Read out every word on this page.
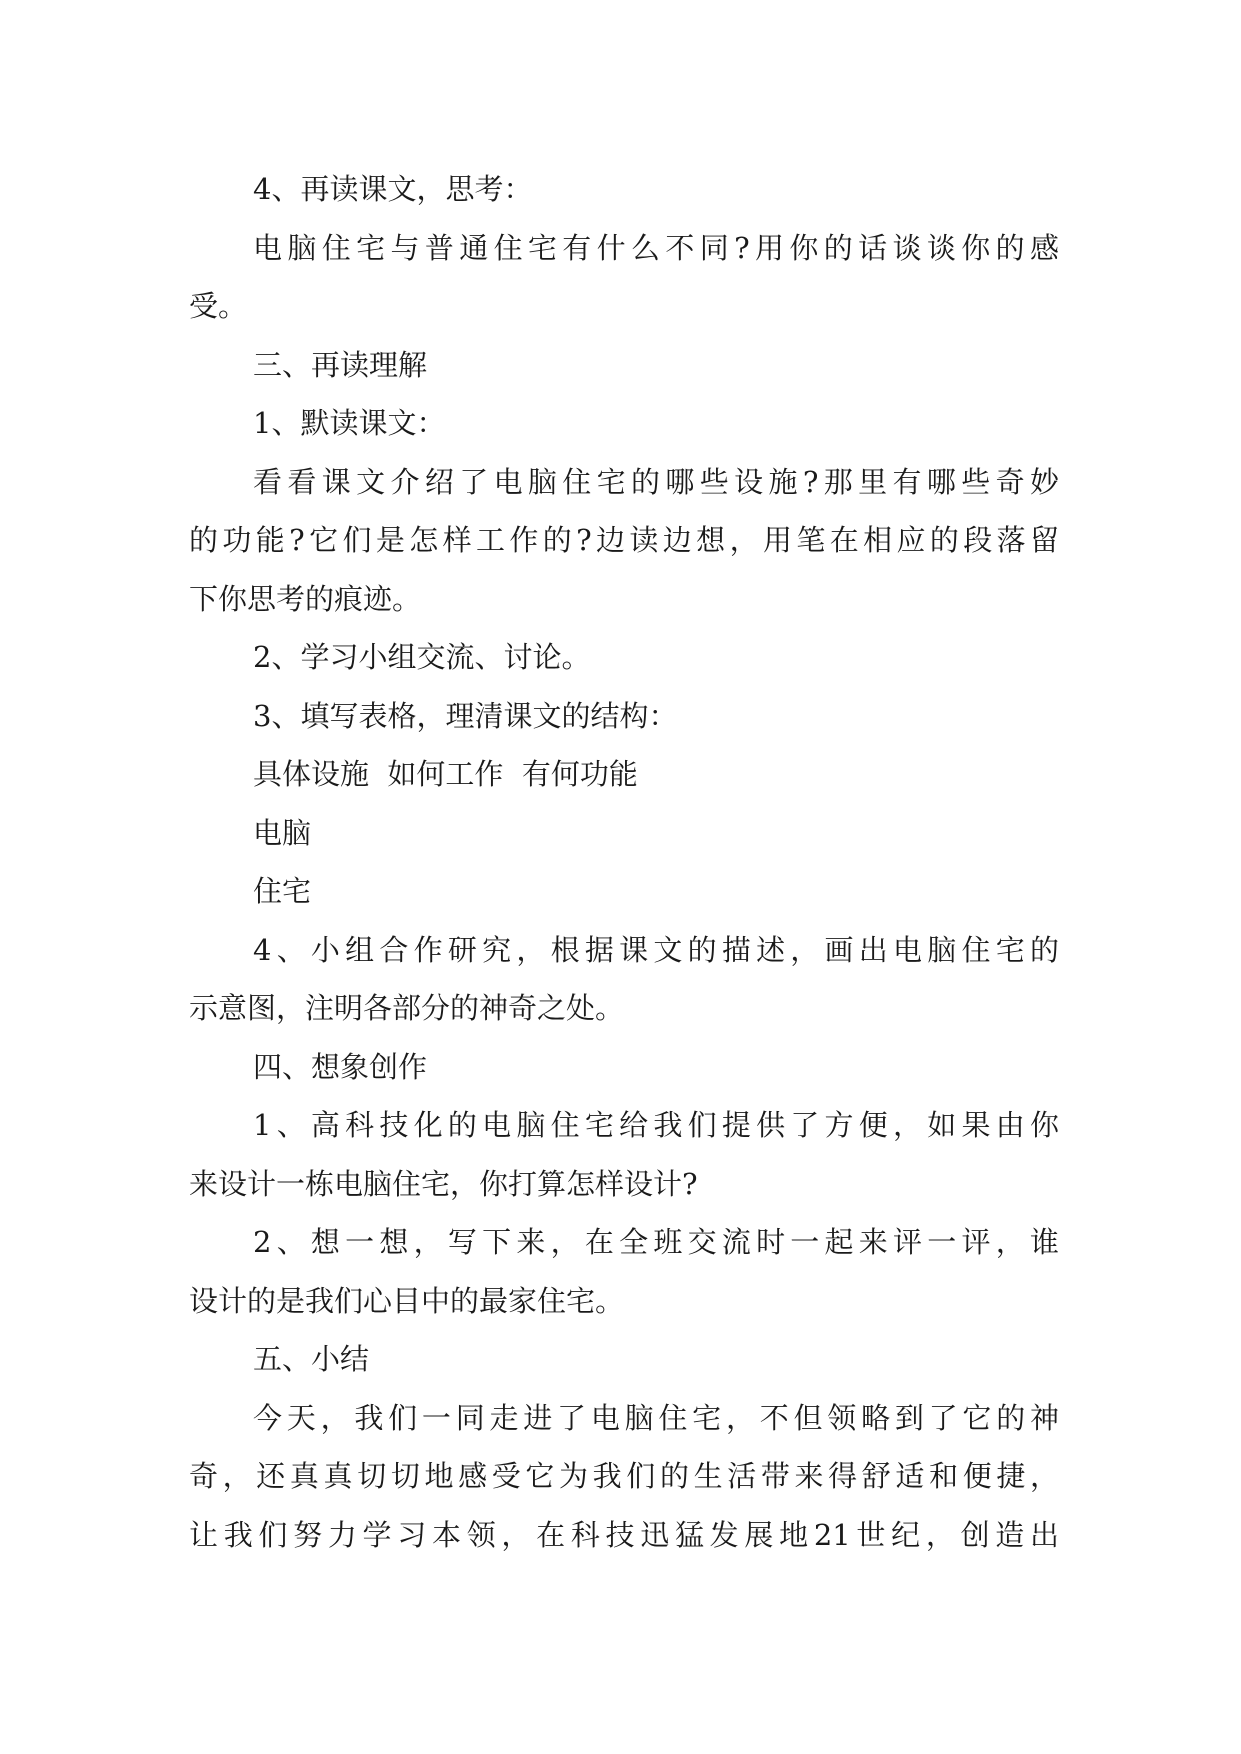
4、再读课文，思考：
电脑住宅与普通住宅有什么不同?用你的话谈谈你的感
受。
三、再读理解
1、默读课文：
看看课文介绍了电脑住宅的哪些设施?那里有哪些奇妙
的功能?它们是怎样工作的?边读边想，用笔在相应的段落留
下你思考的痕迹。
2、学习小组交流、讨论。
3、填写表格，理清课文的结构：
具体设施  如何工作  有何功能
电脑
住宅
4、小组合作研究，根据课文的描述，画出电脑住宅的
示意图，注明各部分的神奇之处。
四、想象创作
1、高科技化的电脑住宅给我们提供了方便，如果由你
来设计一栋电脑住宅，你打算怎样设计?
2、想一想，写下来，在全班交流时一起来评一评，谁
设计的是我们心目中的最家住宅。
五、小结
今天，我们一同走进了电脑住宅，不但领略到了它的神
奇，还真真切切地感受它为我们的生活带来得舒适和便捷，
让我们努力学习本领，在科技迅猛发展地21世纪，创造出
